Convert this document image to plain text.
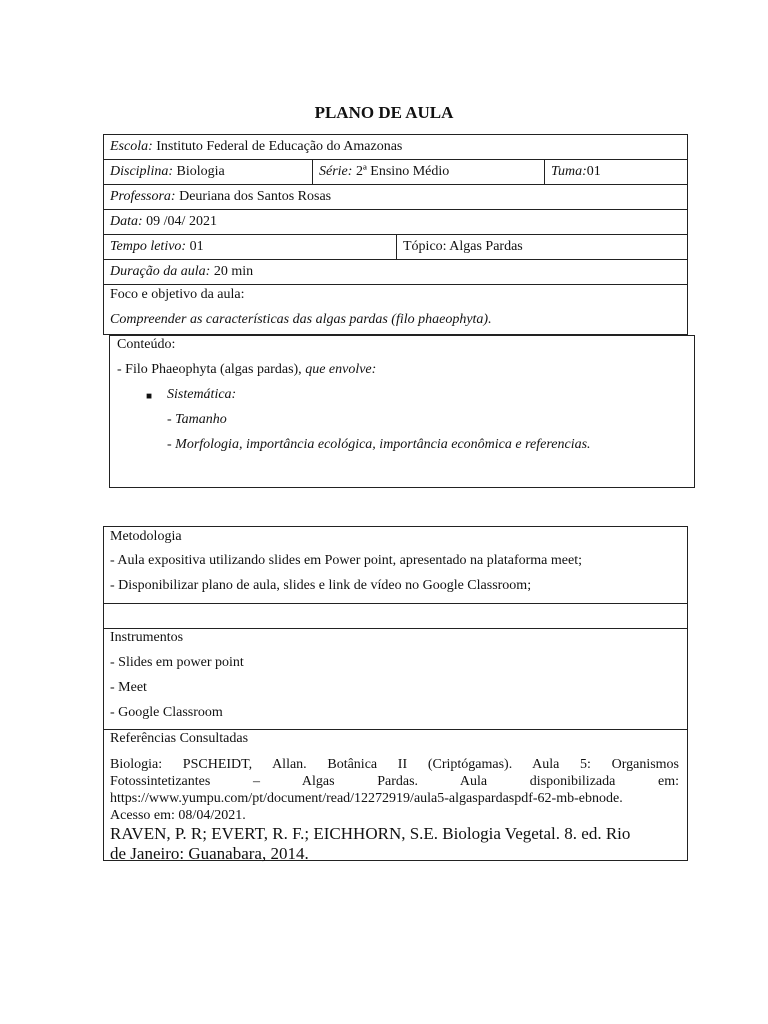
PLANO DE AULA
Escola: Instituto Federal de Educação do Amazonas
Disciplina: Biologia	Série: 2ª Ensino Médio	Tuma:01
Professora: Deuriana dos Santos Rosas
Data: 09 /04/ 2021
Tempo letivo: 01	Tópico: Algas Pardas
Duração da aula: 20 min
Foco e objetivo da aula:
Compreender as características das algas pardas (filo phaeophyta).
Conteúdo:
- Filo Phaeophyta (algas pardas), que envolve:
■ Sistemática:
- Tamanho
- Morfologia, importância ecológica, importância econômica e referencias.
Metodologia
- Aula expositiva utilizando slides em Power point, apresentado na plataforma meet;
- Disponibilizar plano de aula, slides e link de vídeo no Google Classroom;
Instrumentos
- Slides em power point
- Meet
- Google Classroom
Referências Consultadas
Biologia: PSCHEIDT, Allan. Botânica II (Criptógamas). Aula 5: Organismos
Fotossintetizantes – Algas Pardas. Aula disponibilizada em:
https://www.yumpu.com/pt/document/read/12272919/aula5-algaspardaspdf-62-mb-ebnode.
Acesso em: 08/04/2021.
RAVEN, P. R; EVERT, R. F.; EICHHORN, S.E. Biologia Vegetal. 8. ed. Rio
de Janeiro: Guanabara, 2014.
